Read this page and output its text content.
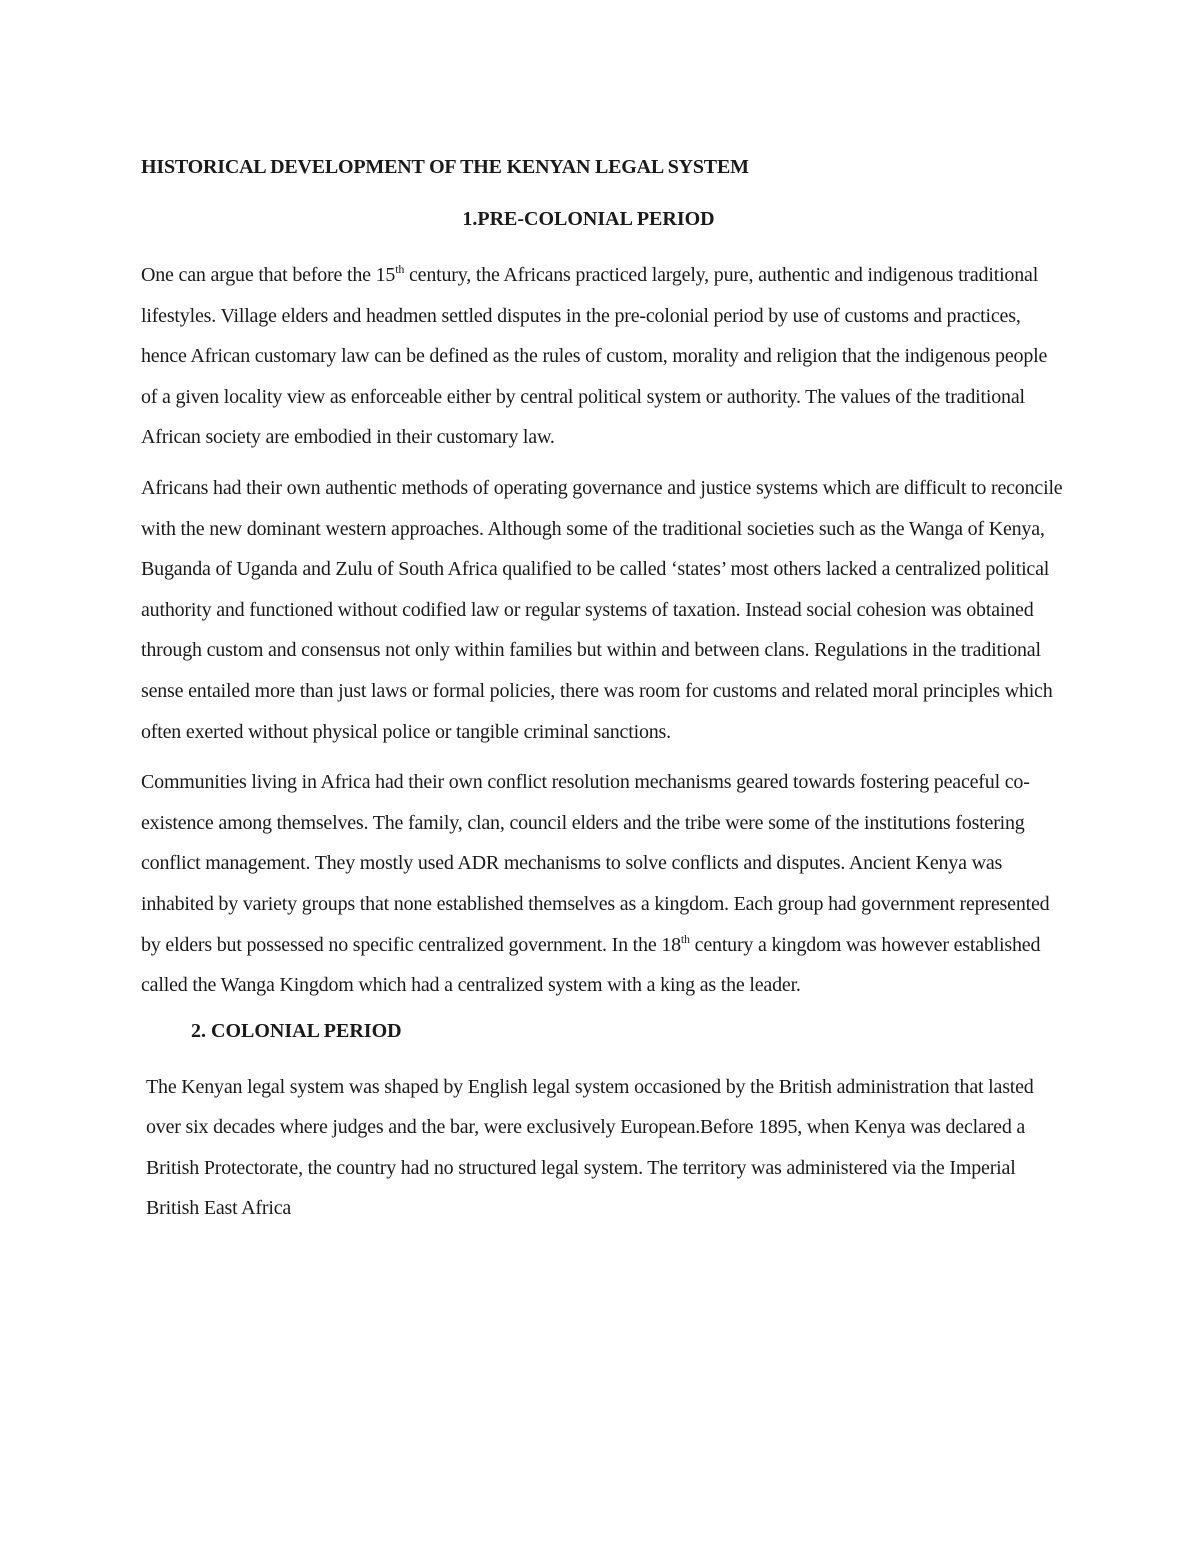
HISTORICAL DEVELOPMENT OF THE KENYAN LEGAL SYSTEM
1.PRE-COLONIAL PERIOD

One can argue that before the 15th century, the Africans practiced largely, pure, authentic and indigenous traditional lifestyles. Village elders and headmen settled disputes in the pre-colonial period by use of customs and practices, hence African customary law can be defined as the rules of custom, morality and religion that the indigenous people of a given locality view as enforceable either by central political system or authority. The values of the traditional African society are embodied in their customary law.

Africans had their own authentic methods of operating governance and justice systems which are difficult to reconcile with the new dominant western approaches. Although some of the traditional societies such as the Wanga of Kenya, Buganda of Uganda and Zulu of South Africa qualified to be called ‘states’ most others lacked a centralized political authority and functioned without codified law or regular systems of taxation. Instead social cohesion was obtained through custom and consensus not only within families but within and between clans. Regulations in the traditional sense entailed more than just laws or formal policies, there was room for customs and related moral principles which often exerted without physical police or tangible criminal sanctions.

Communities living in Africa had their own conflict resolution mechanisms geared towards fostering peaceful co-existence among themselves. The family, clan, council elders and the tribe were some of the institutions fostering conflict management. They mostly used ADR mechanisms to solve conflicts and disputes. Ancient Kenya was inhabited by variety groups that none established themselves as a kingdom. Each group had government represented by elders but possessed no specific centralized government. In the 18th century a kingdom was however established called the Wanga Kingdom which had a centralized system with a king as the leader.

2. COLONIAL PERIOD

The Kenyan legal system was shaped by English legal system occasioned by the British administration that lasted over six decades where judges and the bar, were exclusively European.Before 1895, when Kenya was declared a British Protectorate, the country had no structured legal system. The territory was administered via the Imperial British East Africa
